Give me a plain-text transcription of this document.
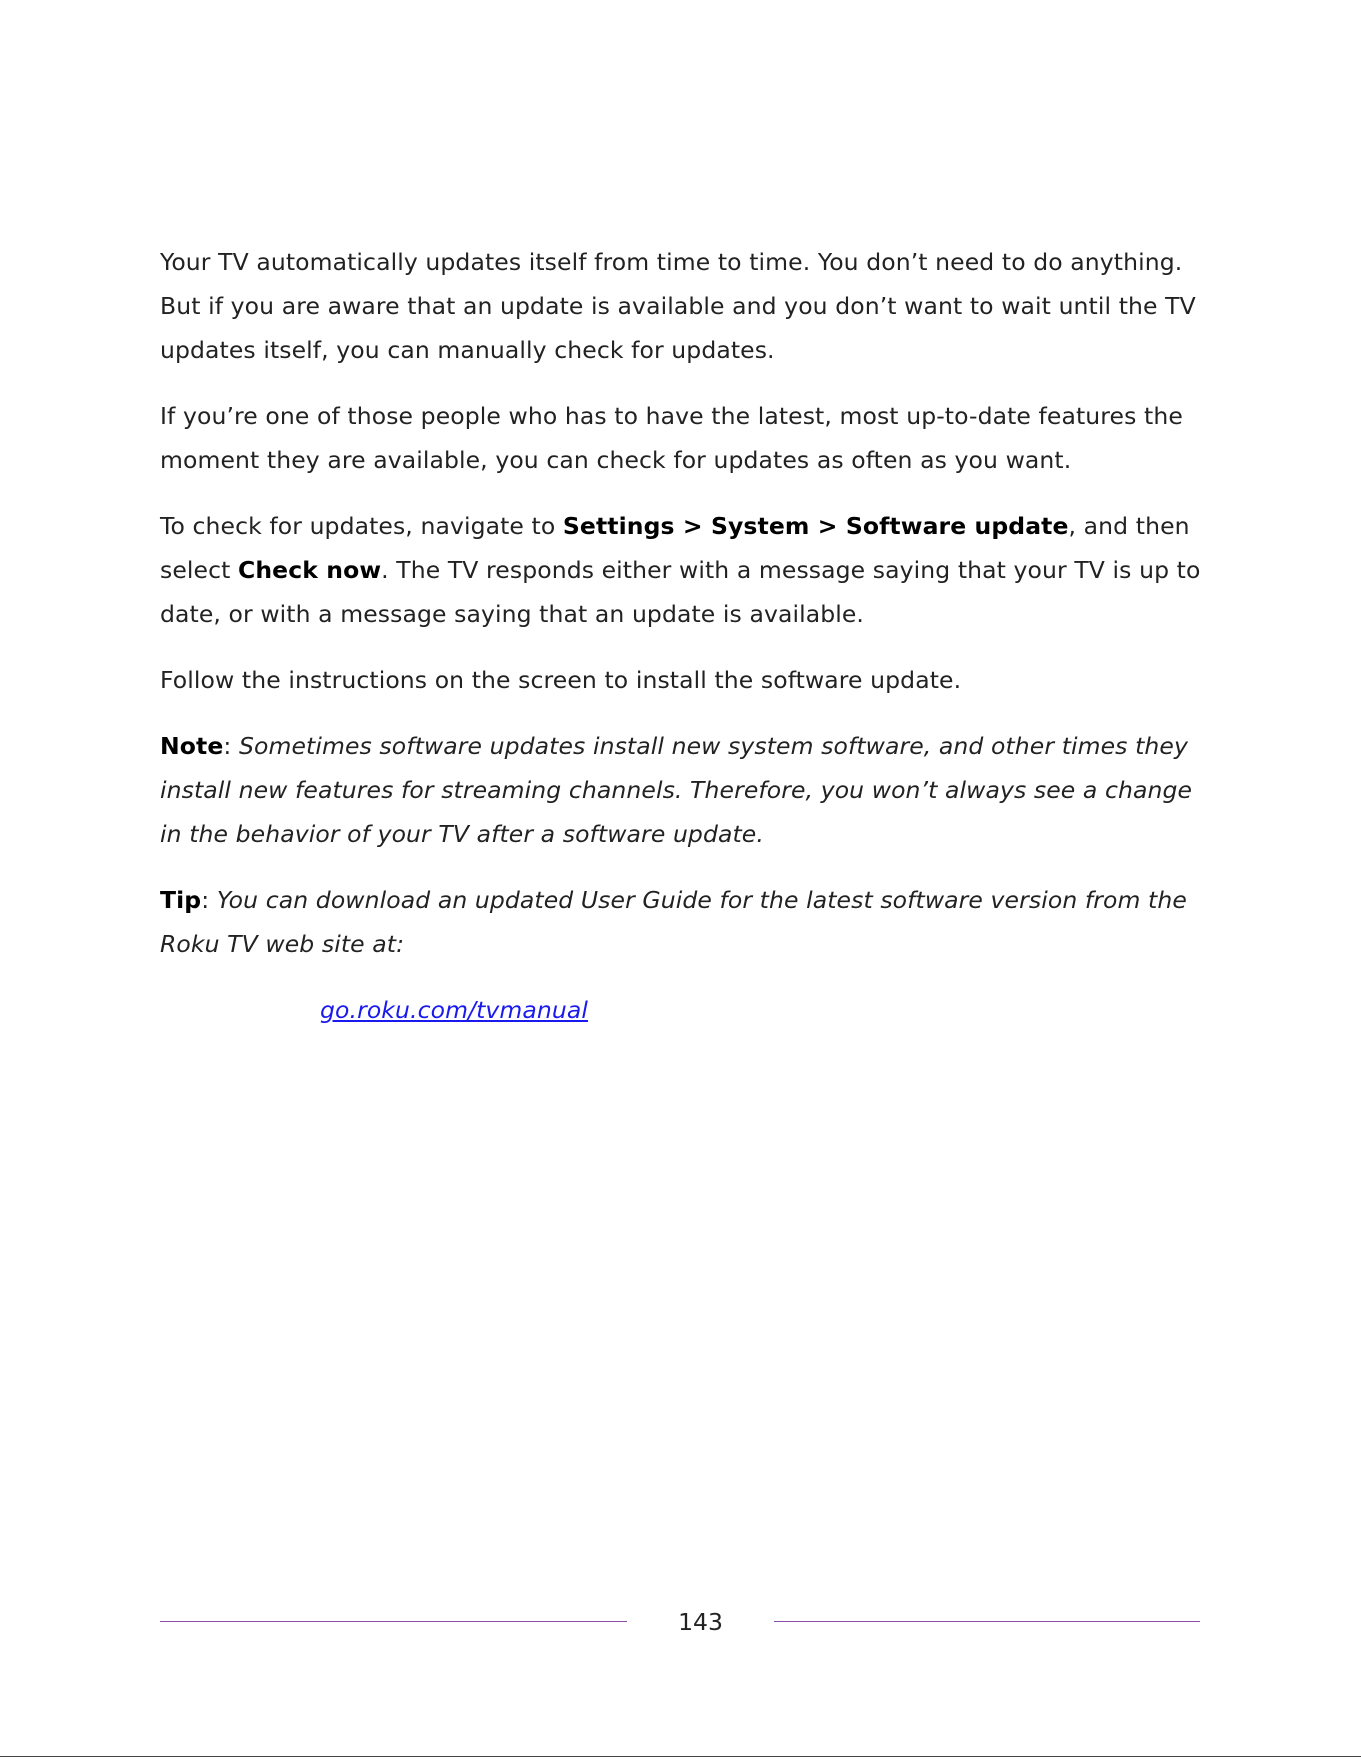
Your TV automatically updates itself from time to time. You don’t need to do anything. But if you are aware that an update is available and you don’t want to wait until the TV updates itself, you can manually check for updates.

If you’re one of those people who has to have the latest, most up-to-date features the moment they are available, you can check for updates as often as you want.

To check for updates, navigate to Settings > System > Software update, and then select Check now. The TV responds either with a message saying that your TV is up to date, or with a message saying that an update is available.

Follow the instructions on the screen to install the software update.

Note: Sometimes software updates install new system software, and other times they install new features for streaming channels. Therefore, you won’t always see a change in the behavior of your TV after a software update.

Tip: You can download an updated User Guide for the latest software version from the Roku TV web site at:

go.roku.com/tvmanual

143
